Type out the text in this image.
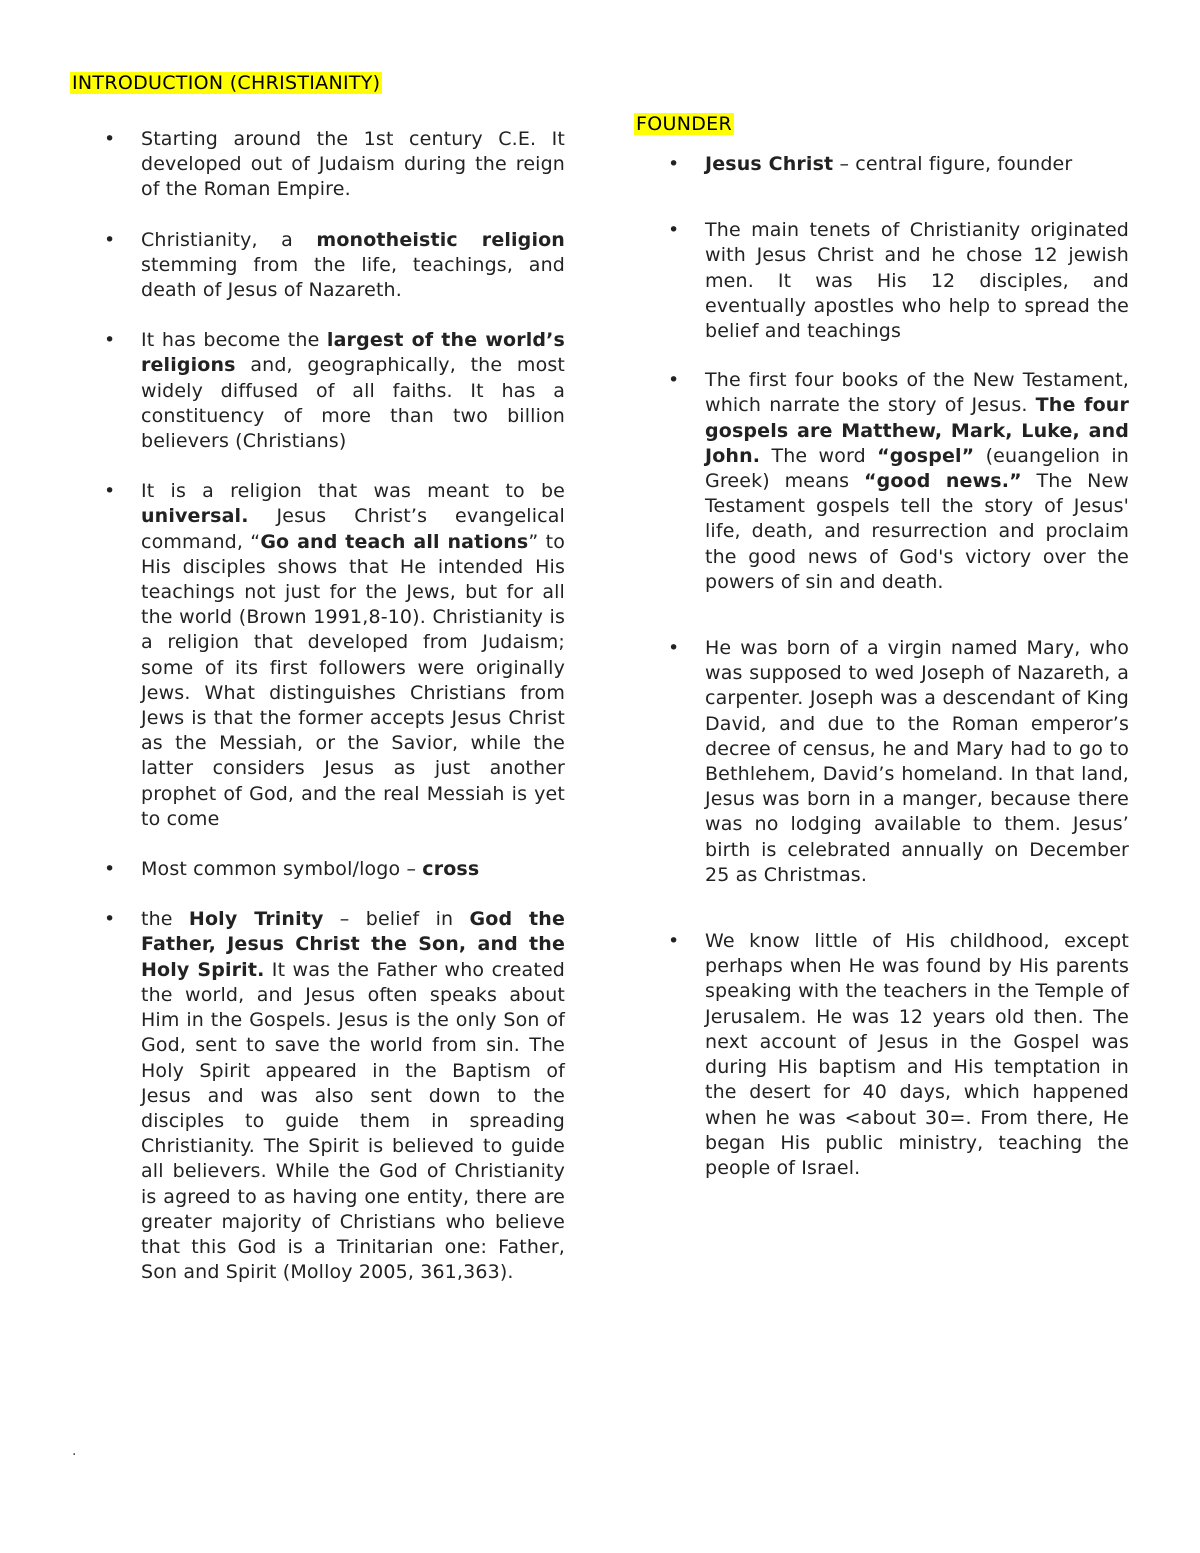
INTRODUCTION (CHRISTIANITY)
• Starting around the 1st century C.E. It developed out of Judaism during the reign of the Roman Empire.
• Christianity, a monotheistic religion stemming from the life, teachings, and death of Jesus of Nazareth.
• It has become the largest of the world’s religions and, geographically, the most widely diffused of all faiths. It has a constituency of more than two billion believers (Christians)
• It is a religion that was meant to be universal. Jesus Christ’s evangelical command, “Go and teach all nations” to His disciples shows that He intended His teachings not just for the Jews, but for all the world (Brown 1991,8-10). Christianity is a religion that developed from Judaism; some of its first followers were originally Jews. What distinguishes Christians from Jews is that the former accepts Jesus Christ as the Messiah, or the Savior, while the latter considers Jesus as just another prophet of God, and the real Messiah is yet to come
• Most common symbol/logo – cross
• the Holy Trinity – belief in God the Father, Jesus Christ the Son, and the Holy Spirit. It was the Father who created the world, and Jesus often speaks about Him in the Gospels. Jesus is the only Son of God, sent to save the world from sin. The Holy Spirit appeared in the Baptism of Jesus and was also sent down to the disciples to guide them in spreading Christianity. The Spirit is believed to guide all believers. While the God of Christianity is agreed to as having one entity, there are greater majority of Christians who believe that this God is a Trinitarian one: Father, Son and Spirit (Molloy 2005, 361,363).
FOUNDER
• Jesus Christ – central figure, founder
• The main tenets of Christianity originated with Jesus Christ and he chose 12 jewish men. It was His 12 disciples, and eventually apostles who help to spread the belief and teachings
• The first four books of the New Testament, which narrate the story of Jesus. The four gospels are Matthew, Mark, Luke, and John. The word “gospel” (euangelion in Greek) means “good news.” The New Testament gospels tell the story of Jesus' life, death, and resurrection and proclaim the good news of God's victory over the powers of sin and death.
• He was born of a virgin named Mary, who was supposed to wed Joseph of Nazareth, a carpenter. Joseph was a descendant of King David, and due to the Roman emperor’s decree of census, he and Mary had to go to Bethlehem, David’s homeland. In that land, Jesus was born in a manger, because there was no lodging available to them. Jesus’ birth is celebrated annually on December 25 as Christmas.
• We know little of His childhood, except perhaps when He was found by His parents speaking with the teachers in the Temple of Jerusalem. He was 12 years old then. The next account of Jesus in the Gospel was during His baptism and His temptation in the desert for 40 days, which happened when he was <about 30=. From there, He began His public ministry, teaching the people of Israel.
.
